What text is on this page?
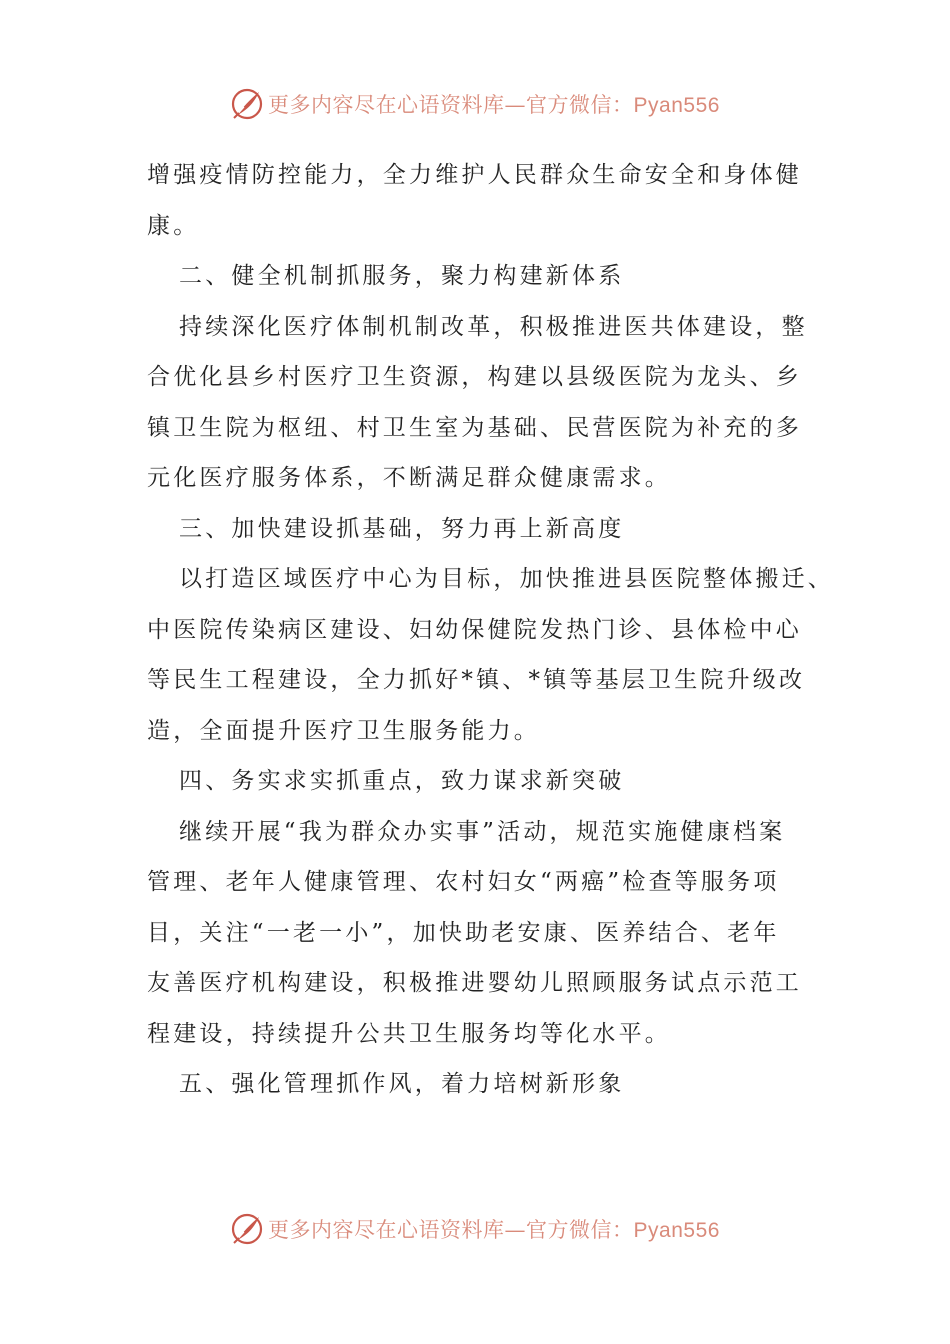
更多内容尽在心语资料库—官方微信：Pyan556
增强疫情防控能力，全力维护人民群众生命安全和身体健
康。
二、健全机制抓服务，聚力构建新体系
持续深化医疗体制机制改革，积极推进医共体建设，整
合优化县乡村医疗卫生资源，构建以县级医院为龙头、乡
镇卫生院为枢纽、村卫生室为基础、民营医院为补充的多
元化医疗服务体系，不断满足群众健康需求。
三、加快建设抓基础，努力再上新高度
以打造区域医疗中心为目标，加快推进县医院整体搬迁、
中医院传染病区建设、妇幼保健院发热门诊、县体检中心
等民生工程建设，全力抓好*镇、*镇等基层卫生院升级改
造，全面提升医疗卫生服务能力。
四、务实求实抓重点，致力谋求新突破
继续开展“我为群众办实事”活动，规范实施健康档案
管理、老年人健康管理、农村妇女“两癌”检查等服务项
目，关注“一老一小”，加快助老安康、医养结合、老年
友善医疗机构建设，积极推进婴幼儿照顾服务试点示范工
程建设，持续提升公共卫生服务均等化水平。
五、强化管理抓作风，着力培树新形象
更多内容尽在心语资料库—官方微信：Pyan556
